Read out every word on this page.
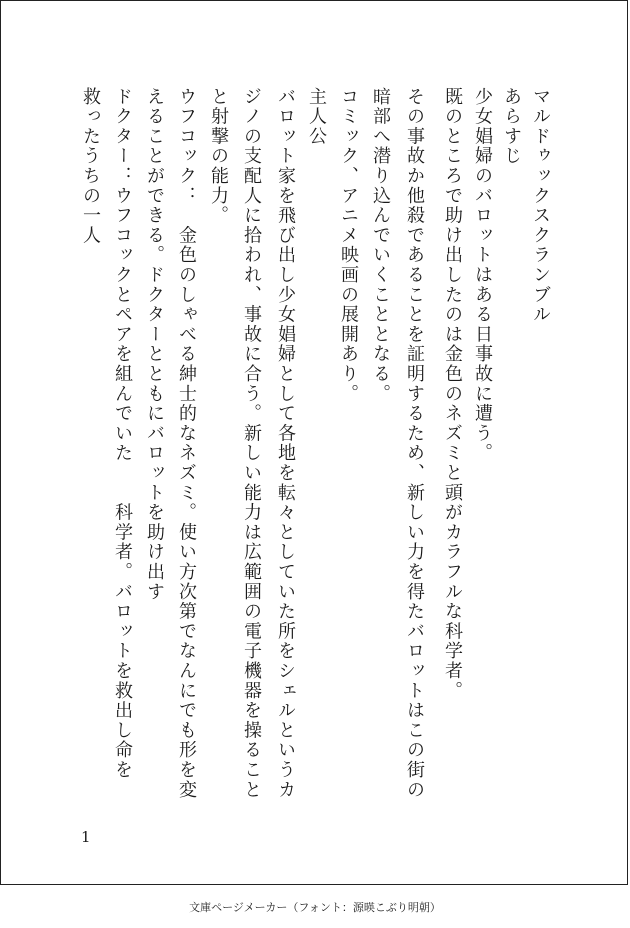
マルドゥックスクランブル
あらすじ
少女娼婦のバロットはある日事故に遭う。
既のところで助け出したのは金色のネズミと頭がカラフルな科学者。
その事故か他殺であることを証明するため、新しい力を得たバロットはこの街の
暗部へ潜り込んでいくこととなる。
コミック、アニメ映画の展開あり。
主人公
バロット家を飛び出し少女娼婦として各地を転々としていた所をシェルというカ
ジノの支配人に拾われ、事故に合う。新しい能力は広範囲の電子機器を操ること
と射撃の能力。
ウフコック：　金色のしゃべる紳士的なネズミ。使い方次第でなんにでも形を変
えることができる。ドクターとともにバロットを助け出す
ドクター：ウフコックとペアを組んでいた　　科学者。バロットを救出し命を
救ったうちの一人
1
文庫ページメーカー（フォント：源暎こぶり明朝）
